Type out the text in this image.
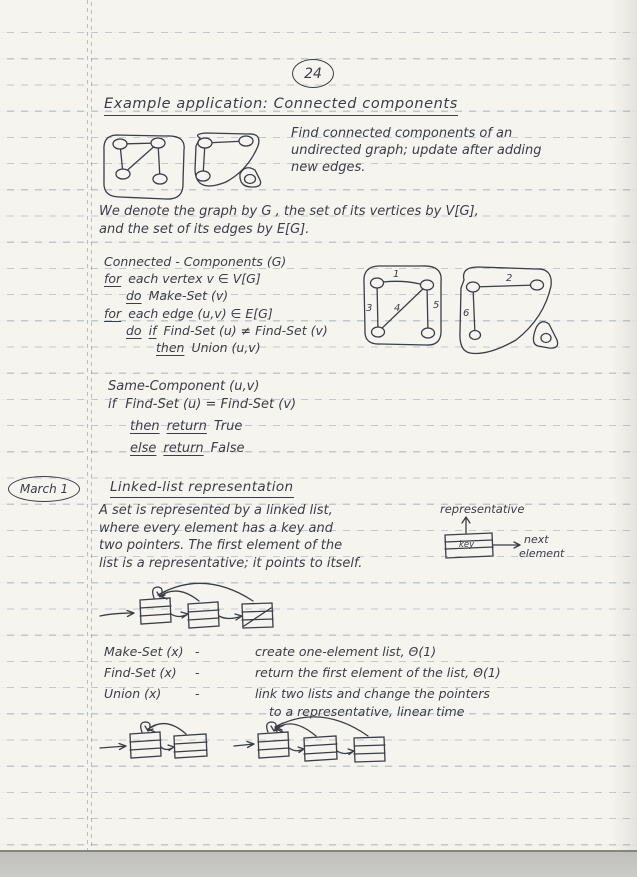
24
Example application: Connected components
Find connected components of an
undirected graph; update after adding
new edges.
We denote the graph by G , the set of its vertices by V[G],
and the set of its edges by E[G].
Connected - Components (G)
for each vertex v ∈ V[G]
do Make-Set (v)
for each edge (u,v) ∈ E[G]
do if Find-Set (u) ≠ Find-Set (v)
then Union (u,v)
1	2
3 4	5
6
Same-Component (u,v)
if Find-Set (u) = Find-Set (v)
then return True
else return False
March 1	Linked-list representation
A set is represented by a linked list,
where every element has a key and
two pointers. The first element of the
list is a representative; it points to itself.
representative
key	next
element
Make-Set (x) -	create one-element list, Θ(1)
Find-Set (x)	-	return the first element of the list, Θ(1)
Union (x)	-	link two lists and change the pointers
to a representative, linear time
